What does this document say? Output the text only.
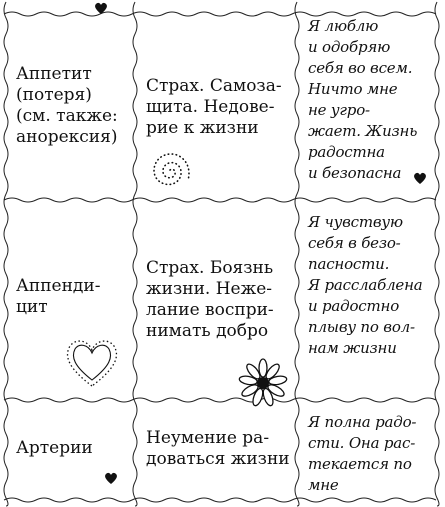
Аппетит
(потеря)
(см. также:
анорексия)
Страх. Самоза-
щита. Недове-
рие к жизни
Я люблю
и одобряю
себя во всем.
Ничто мне
не угро-
жает. Жизнь
радостна
и безопасна
Аппенди-
цит
Страх. Боязнь
жизни. Неже-
лание воспри-
нимать добро
Я чувствую
себя в безо-
пасности.
Я расслаблена
и радостно
плыву по вол-
нам жизни
Артерии	Неумение ра-
доваться жизни
Я полна радо-
сти. Она рас-
текается по
мне
